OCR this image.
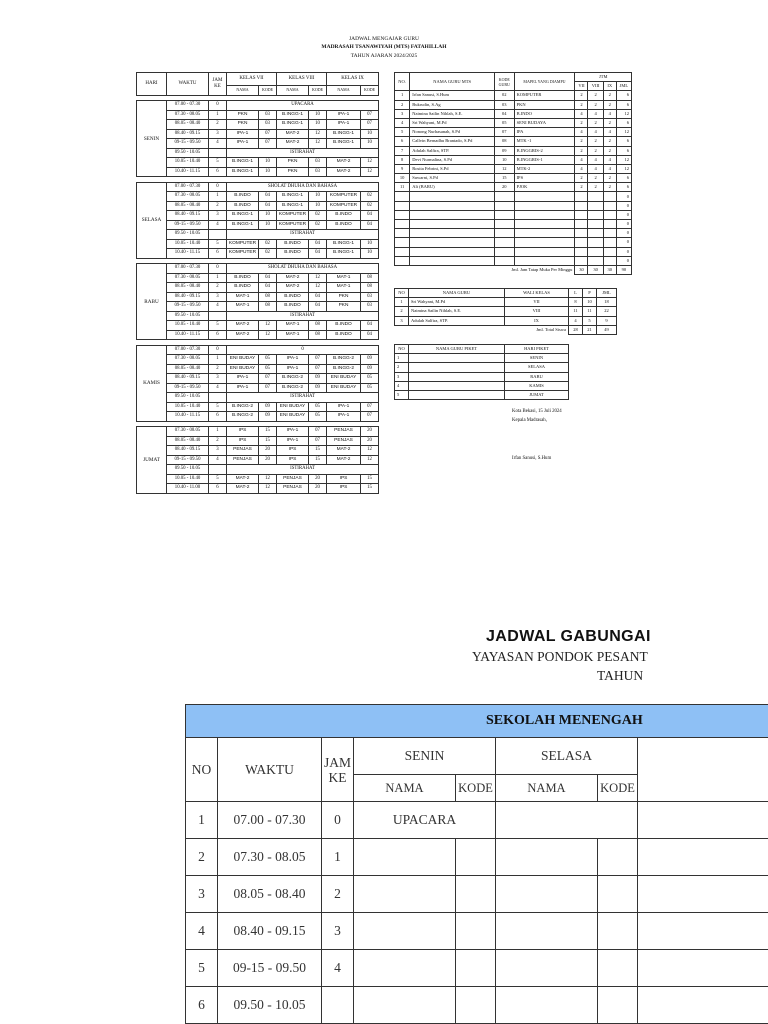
JADWAL MENGAJAR GURU
MADRASAH TSANAWIYAH (MTS) FATAHILLAH
TAHUN AJARAN 2024/2025
HARI	WAKTU	JAM KE	KELAS VII		KELAS VIII		KELAS IX	
			NAMA	KODE	NAMA	KODE	NAMA	KODE

SENIN	07.00 - 07.30	0	UPACARA					
	07.30 - 08.05	1	PKN	03	B.INGG-1	10	IPA-1	07
	08.05 - 08.40	2	PKN	03	B.INGG-1	10	IPA-1	07
	08.40 - 09.15	3	IPA-1	07	MAT-2	12	B.INGG-1	10
	09-15 - 09.50	4	IPA-1	07	MAT-2	12	B.INGG-1	10
	09.50 - 10.05		ISTIRAHAT					
	10.05 - 10.40	5	B.INGG-1	10	PKN	03	MAT-2	12
	10.40 - 11.15	6	B.INGG-1	10	PKN	03	MAT-2	12

SELASA	07.00 - 07.30	0	SHOLAT DHUHA DAN BAHASA					
	07.30 - 08.05	1	B.INDO	04	B.INGG-1	10	KOMPUTER	02
	08.05 - 08.40	2	B.INDO	04	B.INGG-1	10	KOMPUTER	02
	08.40 - 09.15	3	B.INGG-1	10	KOMPUTER	02	B.INDO	04
	09-15 - 09.50	4	B.INGG-1	10	KOMPUTER	02	B.INDO	04
	09.50 - 10.05		ISTIRAHAT					
	10.05 - 10.40	5	KOMPUTER	02	B.INDO	04	B.INGG-1	10
	10.40 - 11.15	6	KOMPUTER	02	B.INDO	04	B.INGG-1	10

RABU	07.00 - 07.30	0	SHOLAT DHUHA DAN BAHASA					
	07.30 - 08.05	1	B.INDO	04	MAT-2	12	MAT-1	08
	08.05 - 08.40	2	B.INDO	04	MAT-2	12	MAT-1	08
	08.40 - 09.15	3	MAT-1	08	B.INDO	04	PKN	03
	09-15 - 09.50	4	MAT-1	08	B.INDO	04	PKN	03
	09.50 - 10.05		ISTIRAHAT					
	10.05 - 10.40	5	MAT-2	12	MAT-1	08	B.INDO	04
	10.40 - 11.15	6	MAT-2	12	MAT-1	08	B.INDO	04

KAMIS	07.00 - 07.30	0	0					
	07.30 - 08.05	1	ENI BUDAY	05	IPA-1	07	B.INGG-2	09
	08.05 - 08.40	2	ENI BUDAY	05	IPA-1	07	B.INGG-2	09
	08.40 - 09.15	3	IPA-1	07	B.INGG-2	09	ENI BUDAY	05
	09-15 - 09.50	4	IPA-1	07	B.INGG-2	09	ENI BUDAY	05
	09.50 - 10.05		ISTIRAHAT					
	10.05 - 10.40	5	B.INGG-2	09	ENI BUDAY	05	IPA-1	07
	10.40 - 11.15	6	B.INGG-2	09	ENI BUDAY	05	IPA-1	07

JUMAT	07.30 - 08.05	1	IPS	15	IPA-1	07	PENJAS	20
	08.05 - 08.40	2	IPS	15	IPA-1	07	PENJAS	20
	08.40 - 09.15	3	PENJAS	20	IPS	15	MAT-2	12
	09-15 - 09.50	4	PENJAS	20	IPS	15	MAT-2	12
	09.50 - 10.05		ISTIRAHAT					
	10.05 - 10.40	5	MAT-2	12	PENJAS	20	IPS	15
	10.40 - 11.00	6	MAT-2	12	PENJAS	20	IPS	15
NO.	NAMA GURU MTS	KODE GURU	MAPEL YANG DIAMPU	JTM			
				VII	VIII	IX	JML
1	Irfan Sanusi, S.Hum	02	KOMPUTER	2	2	2	6
2	Bukrudin, S.Ag	03	PKN	2	2	2	6
3	Naimina Sailin Nihlah, S.E.	04	B.INDO	4	4	4	12
4	Sri Wahyani, M.Pd	05	SENI BUDAYA	2	2	2	6
5	Nonong Nurhasanah, S.Pd	07	IPA	4	4	4	12
6	Callvin Bernadhu Brantado, S.Pd	08	MTK -1	2	2	2	6
7	Adulah Salfira, STP.	09	B.INGGRIS-2	2	2	2	6
8	Devi Nurmalina, S.Pd	10	B.INGGRIS-1	4	4	4	12
9	Rosita Febrini, S.Pd	12	MTK-2	4	4	4	12
10	Suwarni, S.Pd	15	IPS	2	2	2	6
11	Ali (BARU)	20	PJOK	2	2	2	6
							0
							0
							0
							0
							0
							0
							0
							0
Jml. Jam Tatap Muka Per Minggu				30	30	30	90
NO	NAMA GURU	WALI KELAS	L	P	JML
1	Sri Wahyani, M.Pd	VII	8	10	18
2	Naimina Sailin Nihlah, S.E.	VIII	11	11	22
3	Adulah Salfira, STP.	IX	4	5	9
Jml. Total Siswa			28	21	49
NO	NAMA GURU PIKET	HARI PIKET
1		SENIN
2		SELASA
3		RABU
4		KAMIS
5		JUMAT
Kota Bekasi, 15 Juli 2024
Kepala Madrasah,
Irfan Sanusi, S.Hum
JADWAL GABUNGAI
YAYASAN PONDOK PESANT
TAHUN
SEKOLAH MENENGAH							
NO	WAKTU	JAM KE	SENIN		SELASA		
			NAMA	KODE	NAMA	KODE	
1	07.00 - 07.30	0	UPACARA				
2	07.30 - 08.05	1					
3	08.05 - 08.40	2					
4	08.40 - 09.15	3					
5	09-15 - 09.50	4					
6	09.50 - 10.05						
